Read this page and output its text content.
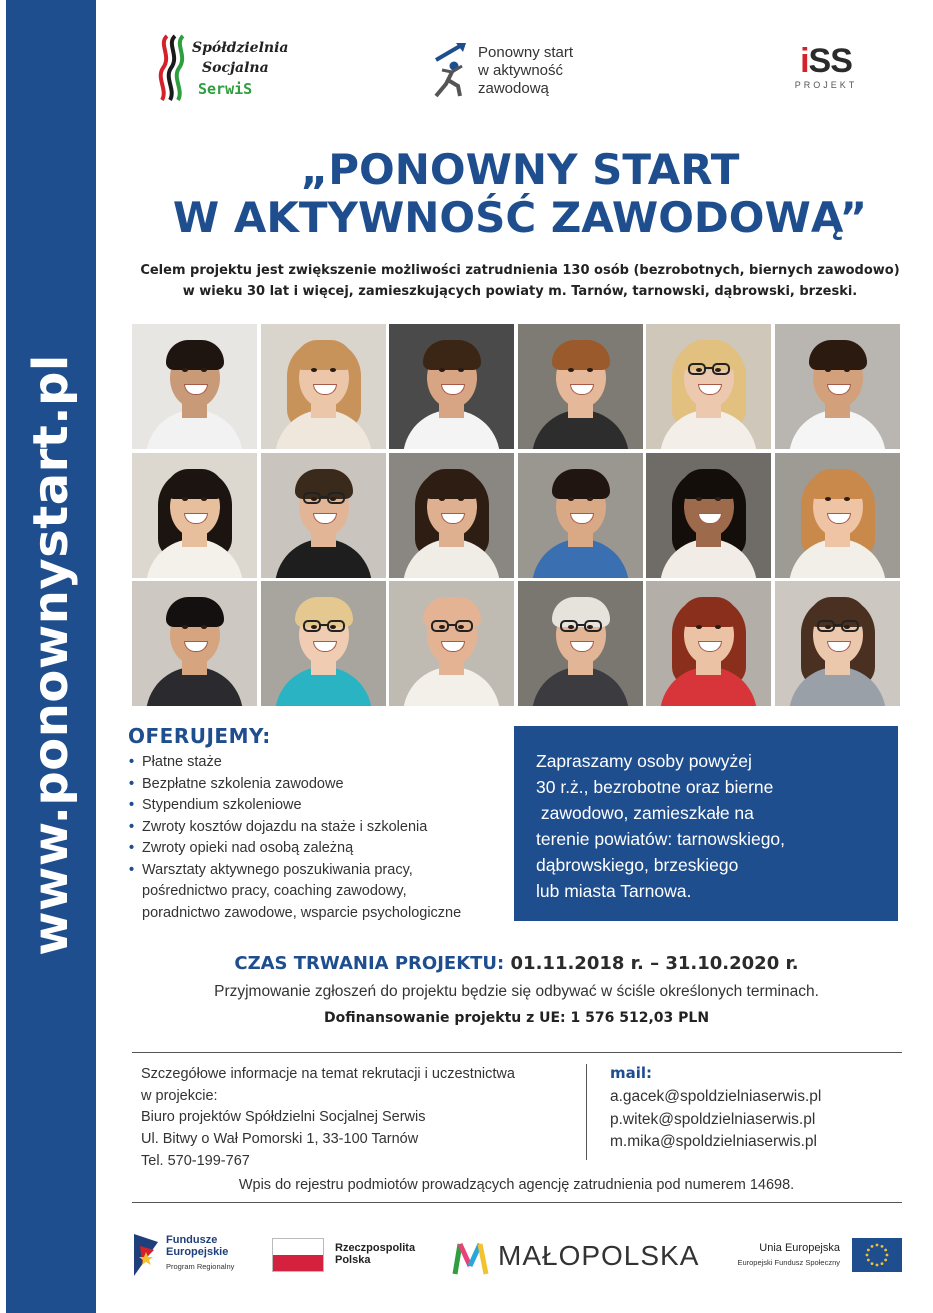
www.ponownystart.pl
Spółdzielnia
Socjalna
SerwiS
Ponowny start
w aktywność
zawodową
iSS
PROJEKT
„PONOWNY START
W AKTYWNOŚĆ ZAWODOWĄ”
Celem projektu jest zwiększenie możliwości zatrudnienia 130 osób (bezrobotnych, biernych zawodowo)
w wieku 30 lat i więcej, zamieszkujących powiaty m. Tarnów, tarnowski, dąbrowski, brzeski.
OFERUJEMY:
• Płatne staże
• Bezpłatne szkolenia zawodowe
• Stypendium szkoleniowe
• Zwroty kosztów dojazdu na staże i szkolenia
• Zwroty opieki nad osobą zależną
• Warsztaty aktywnego poszukiwania pracy,
pośrednictwo pracy, coaching zawodowy,
poradnictwo zawodowe, wsparcie psychologiczne
Zapraszamy osoby powyżej
30 r.ż., bezrobotne oraz bierne
zawodowo, zamieszkałe na
terenie powiatów: tarnowskiego,
dąbrowskiego, brzeskiego
lub miasta Tarnowa.
CZAS TRWANIA PROJEKTU: 01.11.2018 r. – 31.10.2020 r.
Przyjmowanie zgłoszeń do projektu będzie się odbywać w ściśle określonych terminach.
Dofinansowanie projektu z UE: 1 576 512,03 PLN
Szczegółowe informacje na temat rekrutacji i uczestnictwa
w projekcie:
Biuro projektów Spółdzielni Socjalnej Serwis
Ul. Bitwy o Wał Pomorski 1, 33-100 Tarnów
Tel. 570-199-767
mail:
a.gacek@spoldzielniaserwis.pl
p.witek@spoldzielniaserwis.pl
m.mika@spoldzielniaserwis.pl
Wpis do rejestru podmiotów prowadzących agencję zatrudnienia pod numerem 14698.
Fundusze
Europejskie
Program Regionalny
Rzeczpospolita
Polska	MAŁOPOLSKA	Unia Europejska
Europejski Fundusz Społeczny
